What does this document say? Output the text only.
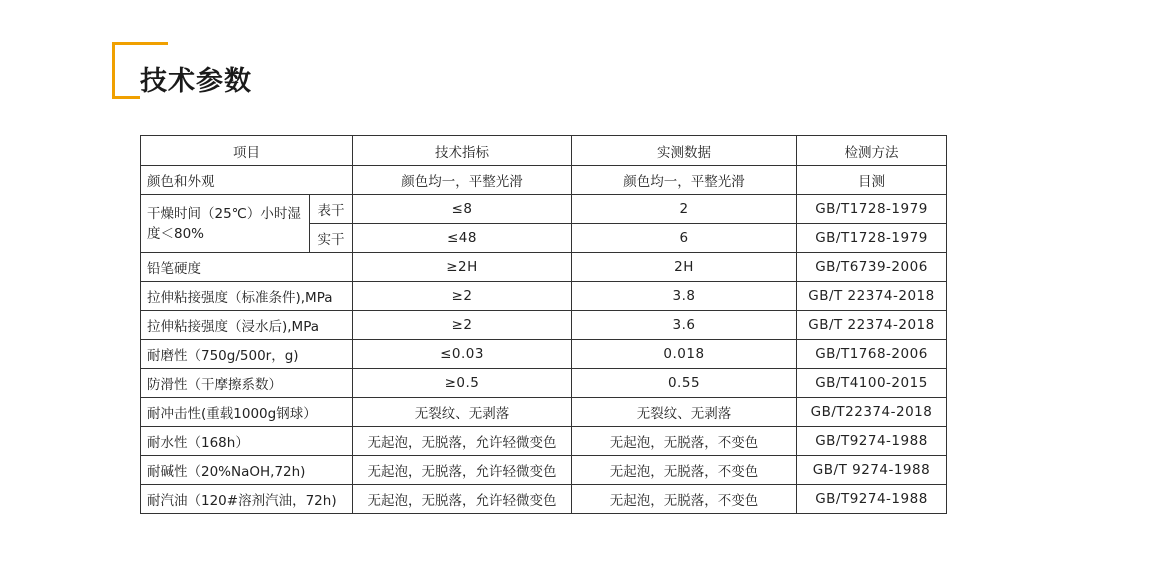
技术参数
项目		技术指标	实测数据	检测方法
颜色和外观		颜色均一，平整光滑	颜色均一，平整光滑	目测
干燥时间（25℃）小时湿度＜80%	表干	≤8	2	GB/T1728-1979
	实干	≤48	6	GB/T1728-1979
铅笔硬度		≥2H	2H	GB/T6739-2006
拉伸粘接强度（标准条件),MPa		≥2	3.8	GB/T 22374-2018
拉伸粘接强度（浸水后),MPa		≥2	3.6	GB/T 22374-2018
耐磨性（750g/500r，g)		≤0.03	0.018	GB/T1768-2006
防滑性（干摩擦系数）		≥0.5	0.55	GB/T4100-2015
耐冲击性(重载1000g钢球）		无裂纹、无剥落	无裂纹、无剥落	GB/T22374-2018
耐水性（168h）		无起泡，无脱落，允许轻微变色	无起泡，无脱落，不变色	GB/T9274-1988
耐碱性（20%NaOH,72h)		无起泡，无脱落，允许轻微变色	无起泡，无脱落，不变色	GB/T 9274-1988
耐汽油（120#溶剂汽油，72h)		无起泡，无脱落，允许轻微变色	无起泡，无脱落，不变色	GB/T9274-1988
